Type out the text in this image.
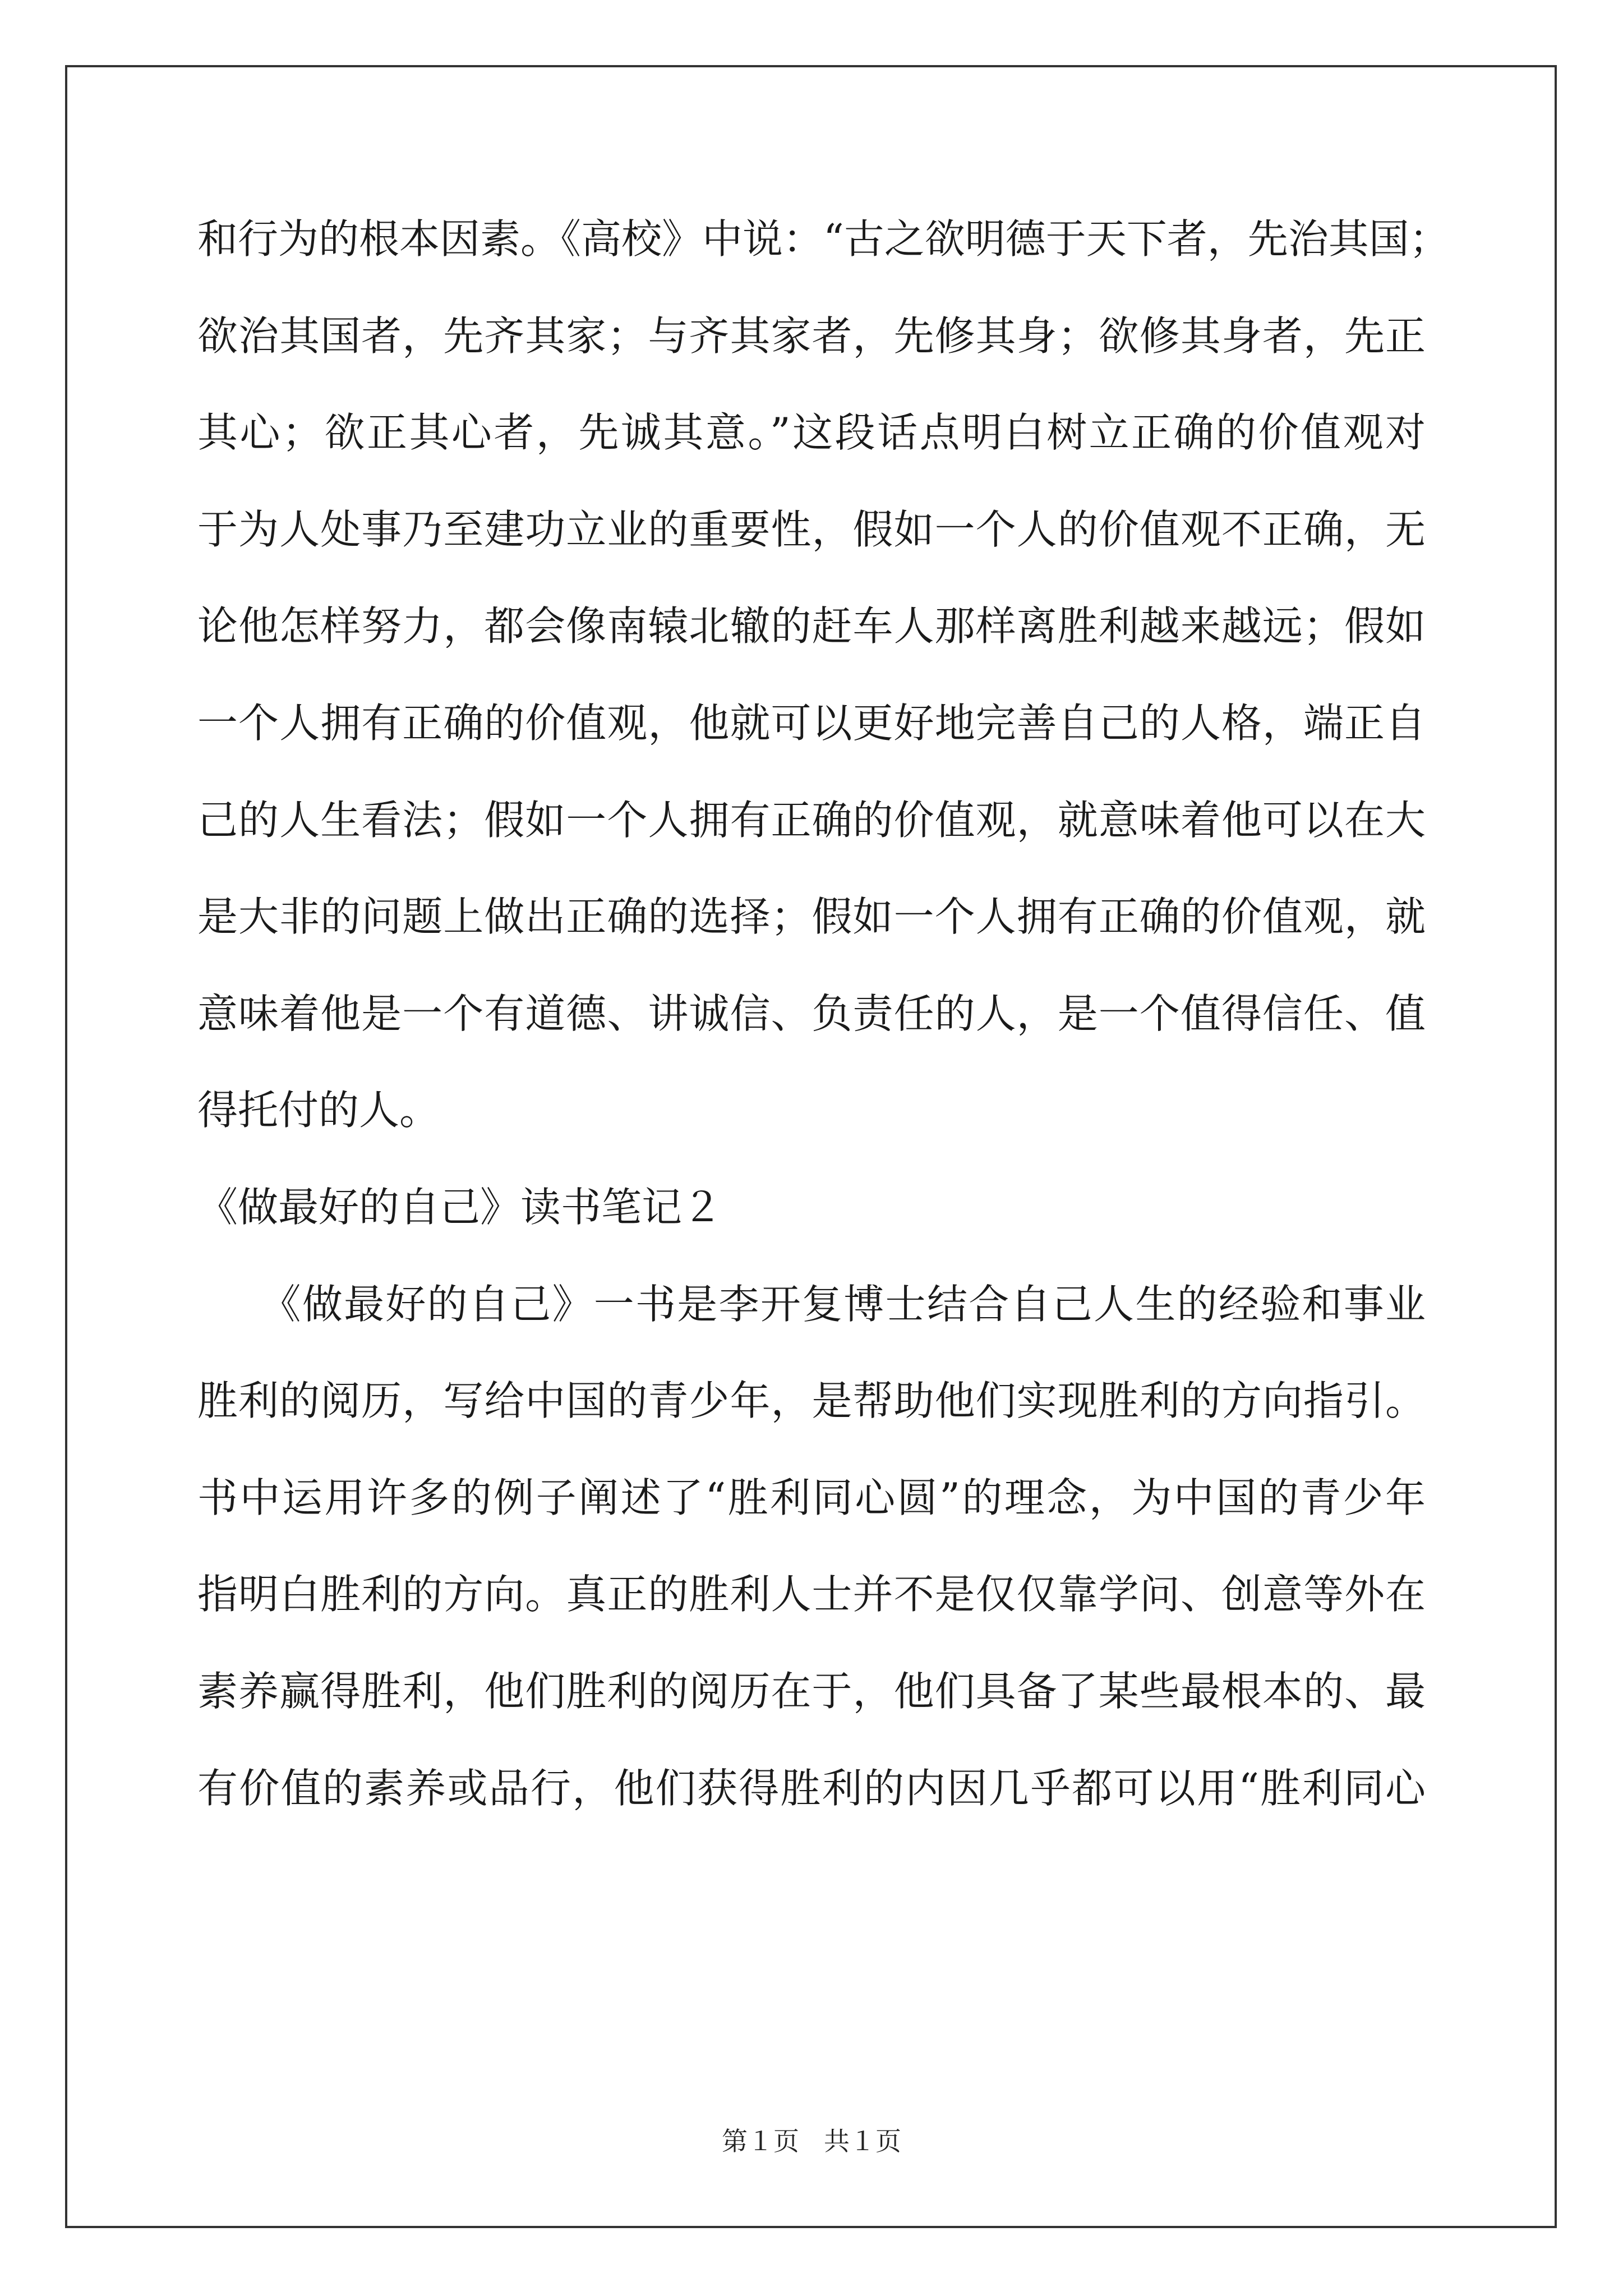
和行为的根本因素。《高校》中说：“古之欲明德于天下者，先治其国；
欲治其国者，先齐其家；与齐其家者，先修其身；欲修其身者，先正
其心；欲正其心者，先诚其意。”这段话点明白树立正确的价值观对
于为人处事乃至建功立业的重要性，假如一个人的价值观不正确，无
论他怎样努力，都会像南辕北辙的赶车人那样离胜利越来越远；假如
一个人拥有正确的价值观，他就可以更好地完善自己的人格，端正自
己的人生看法；假如一个人拥有正确的价值观，就意味着他可以在大
是大非的问题上做出正确的选择；假如一个人拥有正确的价值观，就
意味着他是一个有道德、讲诚信、负责任的人，是一个值得信任、值
得托付的人。
《做最好的自己》读书笔记２
　　《做最好的自己》一书是李开复博士结合自己人生的经验和事业
胜利的阅历，写给中国的青少年，是帮助他们实现胜利的方向指引。
书中运用许多的例子阐述了“胜利同心圆”的理念，为中国的青少年
指明白胜利的方向。真正的胜利人士并不是仅仅靠学问、创意等外在
素养赢得胜利，他们胜利的阅历在于，他们具备了某些最根本的、最
有价值的素养或品行，他们获得胜利的内因几乎都可以用“胜利同心
第１页 共１页
